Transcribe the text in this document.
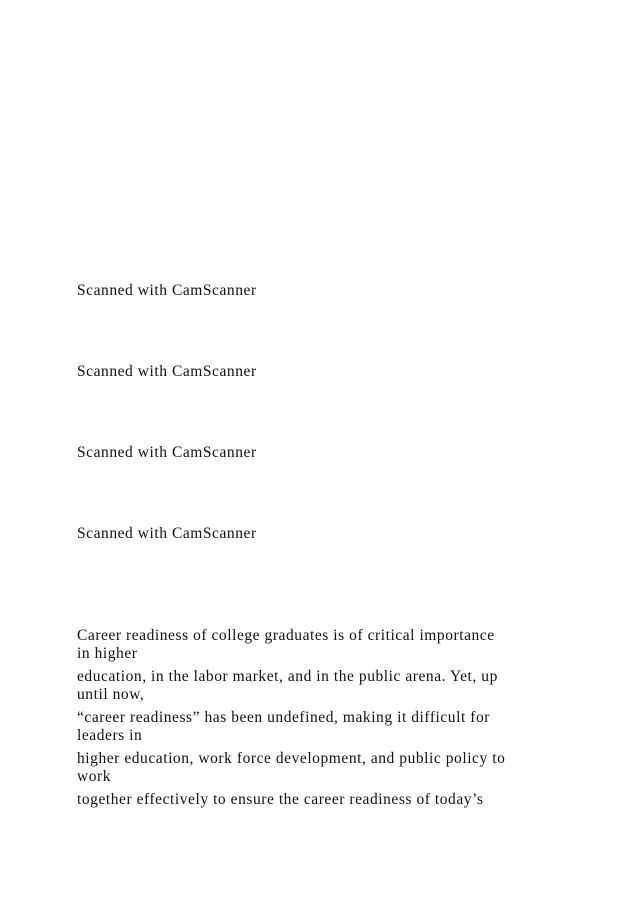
Scanned with CamScanner
Scanned with CamScanner
Scanned with CamScanner
Scanned with CamScanner
Career readiness of college graduates is of critical importance
in higher
education, in the labor market, and in the public arena. Yet, up
until now,
“career readiness” has been undefined, making it difficult for
leaders in
higher education, work force development, and public policy to
work
together effectively to ensure the career readiness of today’s
